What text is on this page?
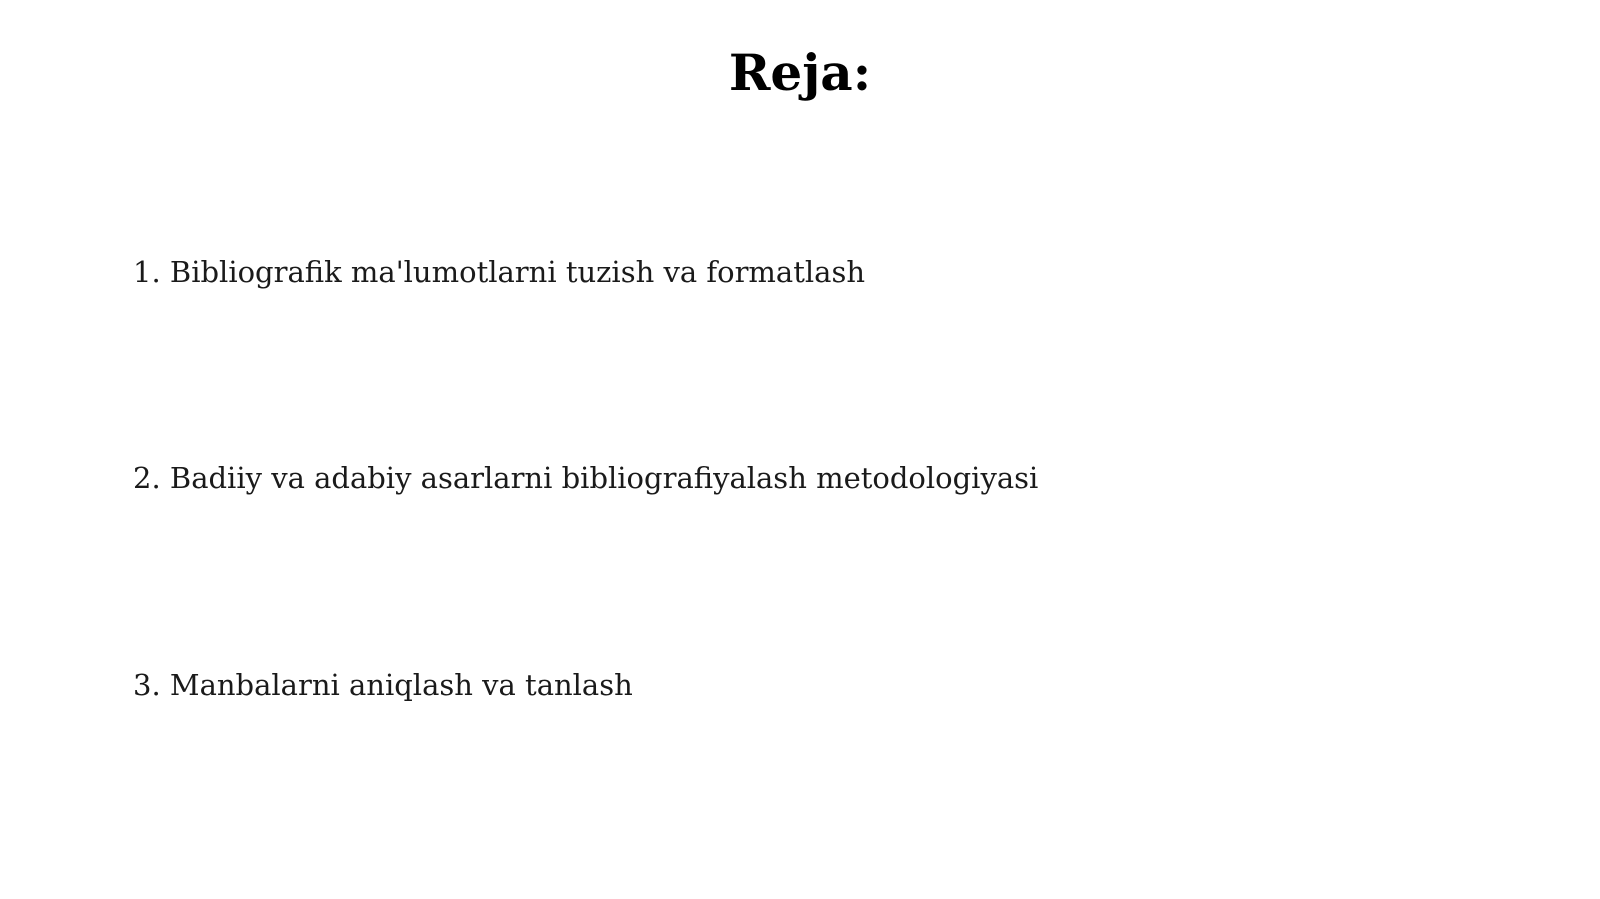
Reja:
1. Bibliografik ma'lumotlarni tuzish va formatlash
2. Badiiy va adabiy asarlarni bibliografiyalash metodologiyasi
3. Manbalarni aniqlash va tanlash
